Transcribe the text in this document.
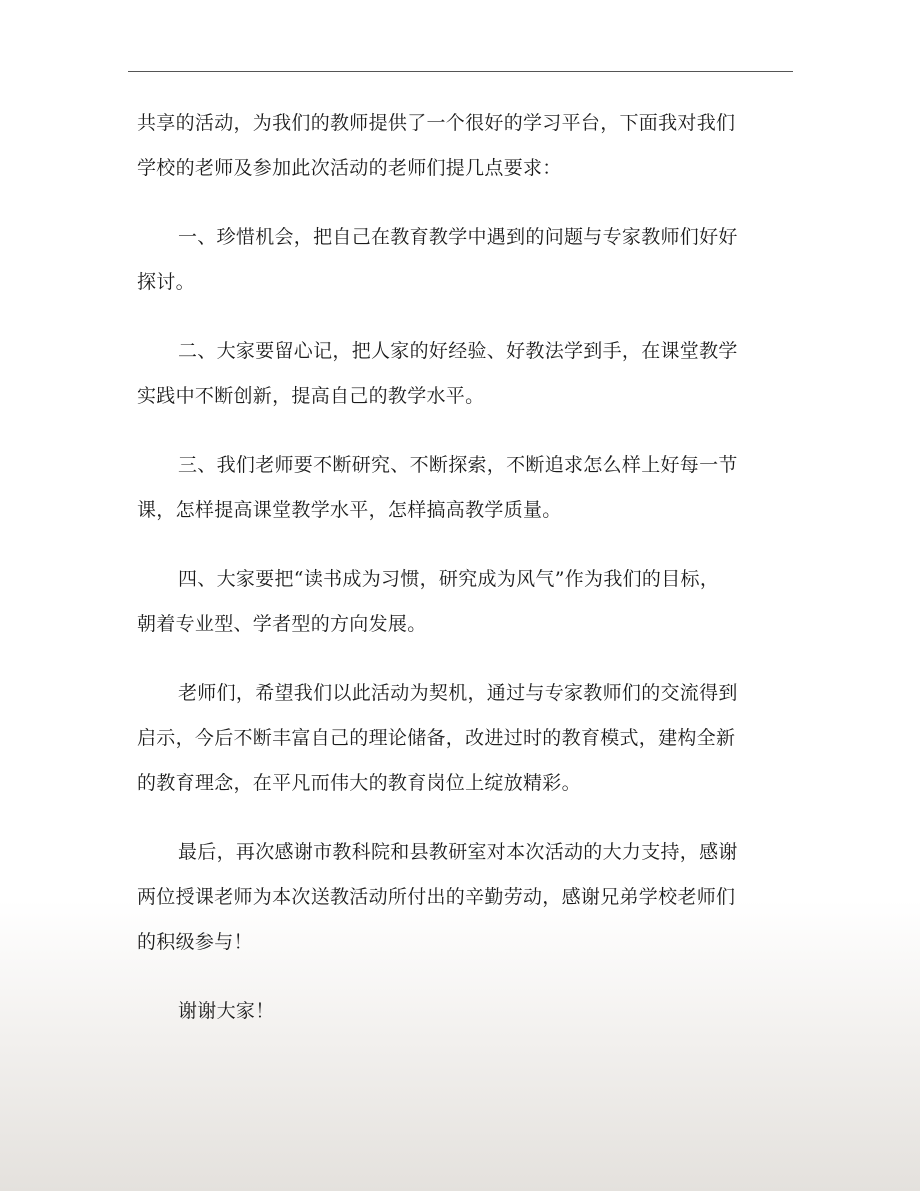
共享的活动，为我们的教师提供了一个很好的学习平台，下面我对我们
学校的老师及参加此次活动的老师们提几点要求：

一、珍惜机会，把自己在教育教学中遇到的问题与专家教师们好好
探讨。

二、大家要留心记，把人家的好经验、好教法学到手，在课堂教学
实践中不断创新，提高自己的教学水平。

三、我们老师要不断研究、不断探索，不断追求怎么样上好每一节
课，怎样提高课堂教学水平，怎样搞高教学质量。

四、大家要把“读书成为习惯，研究成为风气”作为我们的目标，
朝着专业型、学者型的方向发展。

老师们，希望我们以此活动为契机，通过与专家教师们的交流得到
启示，今后不断丰富自己的理论储备，改进过时的教育模式，建构全新
的教育理念，在平凡而伟大的教育岗位上绽放精彩。

最后，再次感谢市教科院和县教研室对本次活动的大力支持，感谢
两位授课老师为本次送教活动所付出的辛勤劳动，感谢兄弟学校老师们
的积级参与！

谢谢大家！
